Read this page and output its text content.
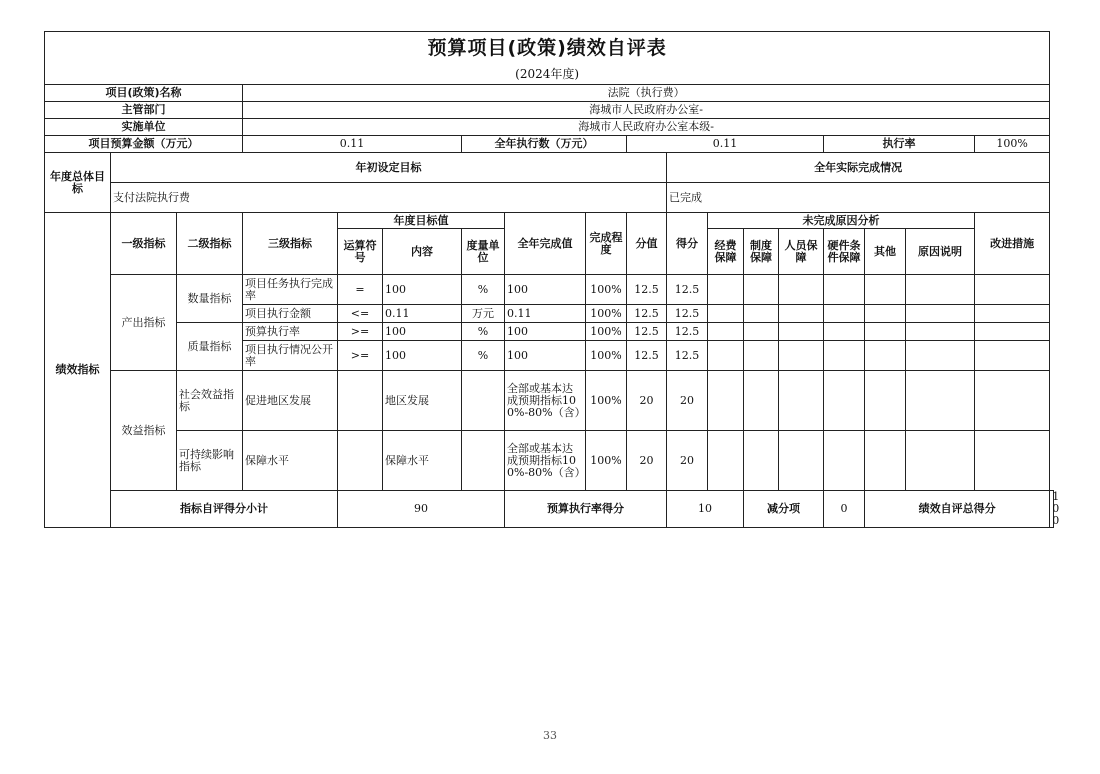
预算项目(政策)绩效自评表																		
(2024年度)																		
项目(政策)名称			法院（执行费）															
主管部门			海城市人民政府办公室-															
实施单位			海城市人民政府办公室本级-															
项目预算金额（万元）			0.11			全年执行数（万元）			0.11					执行率			100%	
年度总体目标	年初设定目标									全年实际完成情况								
	支付法院执行费									已完成								
绩效指标	一级指标	二级指标	三级指标	年度目标值			全年完成值	完成程度	分值	得分	未完成原因分析						改进措施	
				运算符号	内容	度量单位					经费保障	制度保障	人员保障	硬件条件保障	其他	原因说明		
	产出指标	数量指标	项目任务执行完成率	=	100	%	100	100%	12.5	12.5								
			项目执行金额	<=	0.11	万元	0.11	100%	12.5	12.5								
		质量指标	预算执行率	>=	100	%	100	100%	12.5	12.5								
			项目执行情况公开率	>=	100	%	100	100%	12.5	12.5								
	效益指标	社会效益指标	促进地区发展		地区发展		全部或基本达成预期指标100%-80%（含）	100%	20	20								
		可持续影响指标	保障水平		保障水平		全部或基本达成预期指标100%-80%（含）	100%	20	20								
	指标自评得分小计			90			预算执行率得分			10		减分项		0	绩效自评总得分			100
33
